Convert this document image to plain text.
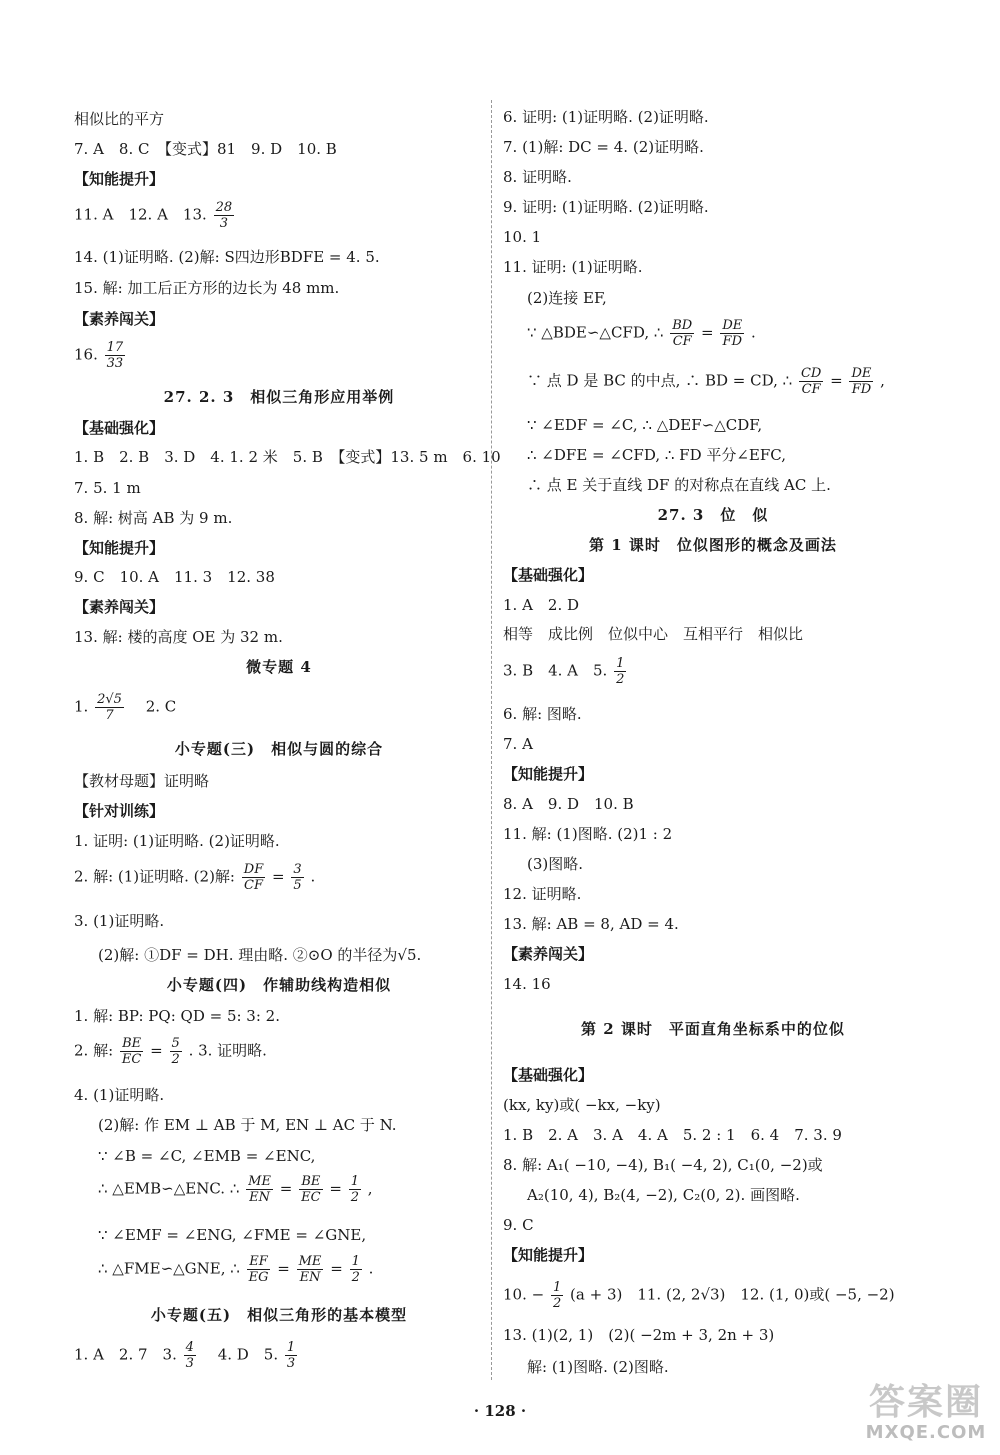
相似比的平方
7. A　8. C　【变式】81　9. D　10. B
【知能提升】
11. A　12. A　13. $\frac{28}{3}$
14. (1)证明略. (2)解: S四边形BDFE = 4. 5.
15. 解: 加工后正方形的边长为 48 mm.
【素养闯关】
16. $\frac{17}{33}$
27. 2. 3　相似三角形应用举例
【基础强化】
1. B　2. B　3. D　4. 1. 2 米　5. B　【变式】13. 5 m　6. 10
7. 5. 1 m
8. 解: 树高 AB 为 9 m.
【知能提升】
9. C　10. A　11. 3　12. 38
【素养闯关】
13. 解: 楼的高度 OE 为 32 m.
微专题 4
1. $\frac{2√5}{7}$ 　2. C
小专题(三)　相似与圆的综合
【教材母题】证明略
【针对训练】
1. 证明: (1)证明略. (2)证明略.
2. 解: (1)证明略. (2)解: $\frac{DF}{CF} = \frac{3}{5}$ .
3. (1)证明略.
(2)解: ①DF = DH. 理由略. ②⊙O 的半径为√5.
小专题(四)　作辅助线构造相似
1. 解: BP: PQ: QD = 5: 3: 2.
2. 解: $\frac{BE}{EC} = \frac{5}{2}$ . 3. 证明略.
4. (1)证明略.
(2)解: 作 EM ⊥ AB 于 M, EN ⊥ AC 于 N.
∵ ∠B = ∠C, ∠EMB = ∠ENC,
∴ △EMB∽△ENC. ∴ $\frac{ME}{EN} = \frac{BE}{EC} = \frac{1}{2}$ ,
∵ ∠EMF = ∠ENG, ∠FME = ∠GNE,
∴ △FME∽△GNE, ∴ $\frac{EF}{EG} = \frac{ME}{EN} = \frac{1}{2}$ .
小专题(五)　相似三角形的基本模型
1. A　2. 7　3. $\frac{4}{3}$ 　4. D　5. $\frac{1}{3}$
6. 证明: (1)证明略. (2)证明略.
7. (1)解: DC = 4. (2)证明略.
8. 证明略.
9. 证明: (1)证明略. (2)证明略.
10. 1
11. 证明: (1)证明略.
(2)连接 EF,
∵ △BDE∽△CFD, ∴ $\frac{BD}{CF} = \frac{DE}{FD}$ .
∵ 点 D 是 BC 的中点, ∴ BD = CD, ∴ $\frac{CD}{CF} = \frac{DE}{FD}$ ,
∵ ∠EDF = ∠C, ∴ △DEF∽△CDF,
∴ ∠DFE = ∠CFD, ∴ FD 平分∠EFC,
∴ 点 E 关于直线 DF 的对称点在直线 AC 上.
27. 3　位　似
第 1 课时　位似图形的概念及画法
【基础强化】
1. A　2. D
相等　成比例　位似中心　互相平行　相似比
3. B　4. A　5. $\frac{1}{2}$
6. 解: 图略.
7. A
【知能提升】
8. A　9. D　10. B
11. 解: (1)图略. (2)1 : 2
(3)图略.
12. 证明略.
13. 解: AB = 8, AD = 4.
【素养闯关】
14. 16
第 2 课时　平面直角坐标系中的位似
【基础强化】
(kx, ky)或( −kx, −ky)
1. B　2. A　3. A　4. A　5. 2 : 1　6. 4　7. 3. 9
8. 解: A₁( −10, −4), B₁( −4, 2), C₁(0, −2)或
A₂(10, 4), B₂(4, −2), C₂(0, 2). 画图略.
9. C
【知能提升】
10. − $\frac{1}{2} (a + 3)$　11. (2, 2√3)　12. (1, 0)或( −5, −2)
13. (1)(2, 1)　(2)( −2m + 3, 2n + 3)
解: (1)图略. (2)图略.
· 128 ·	答案圈
MXQE.COM
